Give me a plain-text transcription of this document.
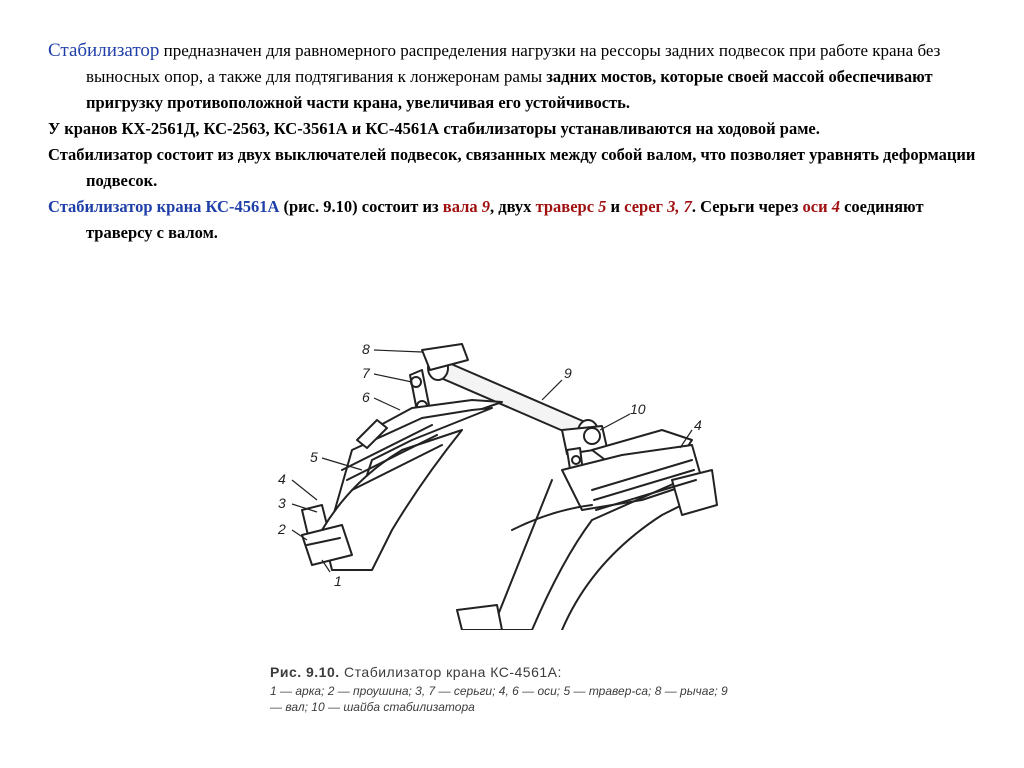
Стабилизатор предназначен для равномерного распределения нагрузки на рессоры задних подвесок при работе крана без выносных опор, а также для подтягивания к лонжеронам рамы задних мостов, которые своей массой обеспечивают пригрузку противоположной части крана, увеличивая его устойчивость.

У кранов КХ-2561Д, КС-2563, КС-3561А и КС-4561А стабилизаторы устанавливаются на ходовой раме.

Стабилизатор состоит из двух выключателей подвесок, связанных между собой валом, что позволяет уравнять деформации подвесок.

Стабилизатор крана КС-4561А (рис. 9.10) состоит из вала 9, двух траверс 5 и серег 3, 7. Серьги через оси 4 соединяют траверсу с валом.

8
7
6
5
4
3
2
1
9
10
4
Рис. 9.10. Стабилизатор крана КС-4561А:
1 — арка; 2 — проушина; 3, 7 — серьги; 4, 6 — оси; 5 — травер-са; 8 — рычаг; 9 — вал; 10 — шайба стабилизатора
